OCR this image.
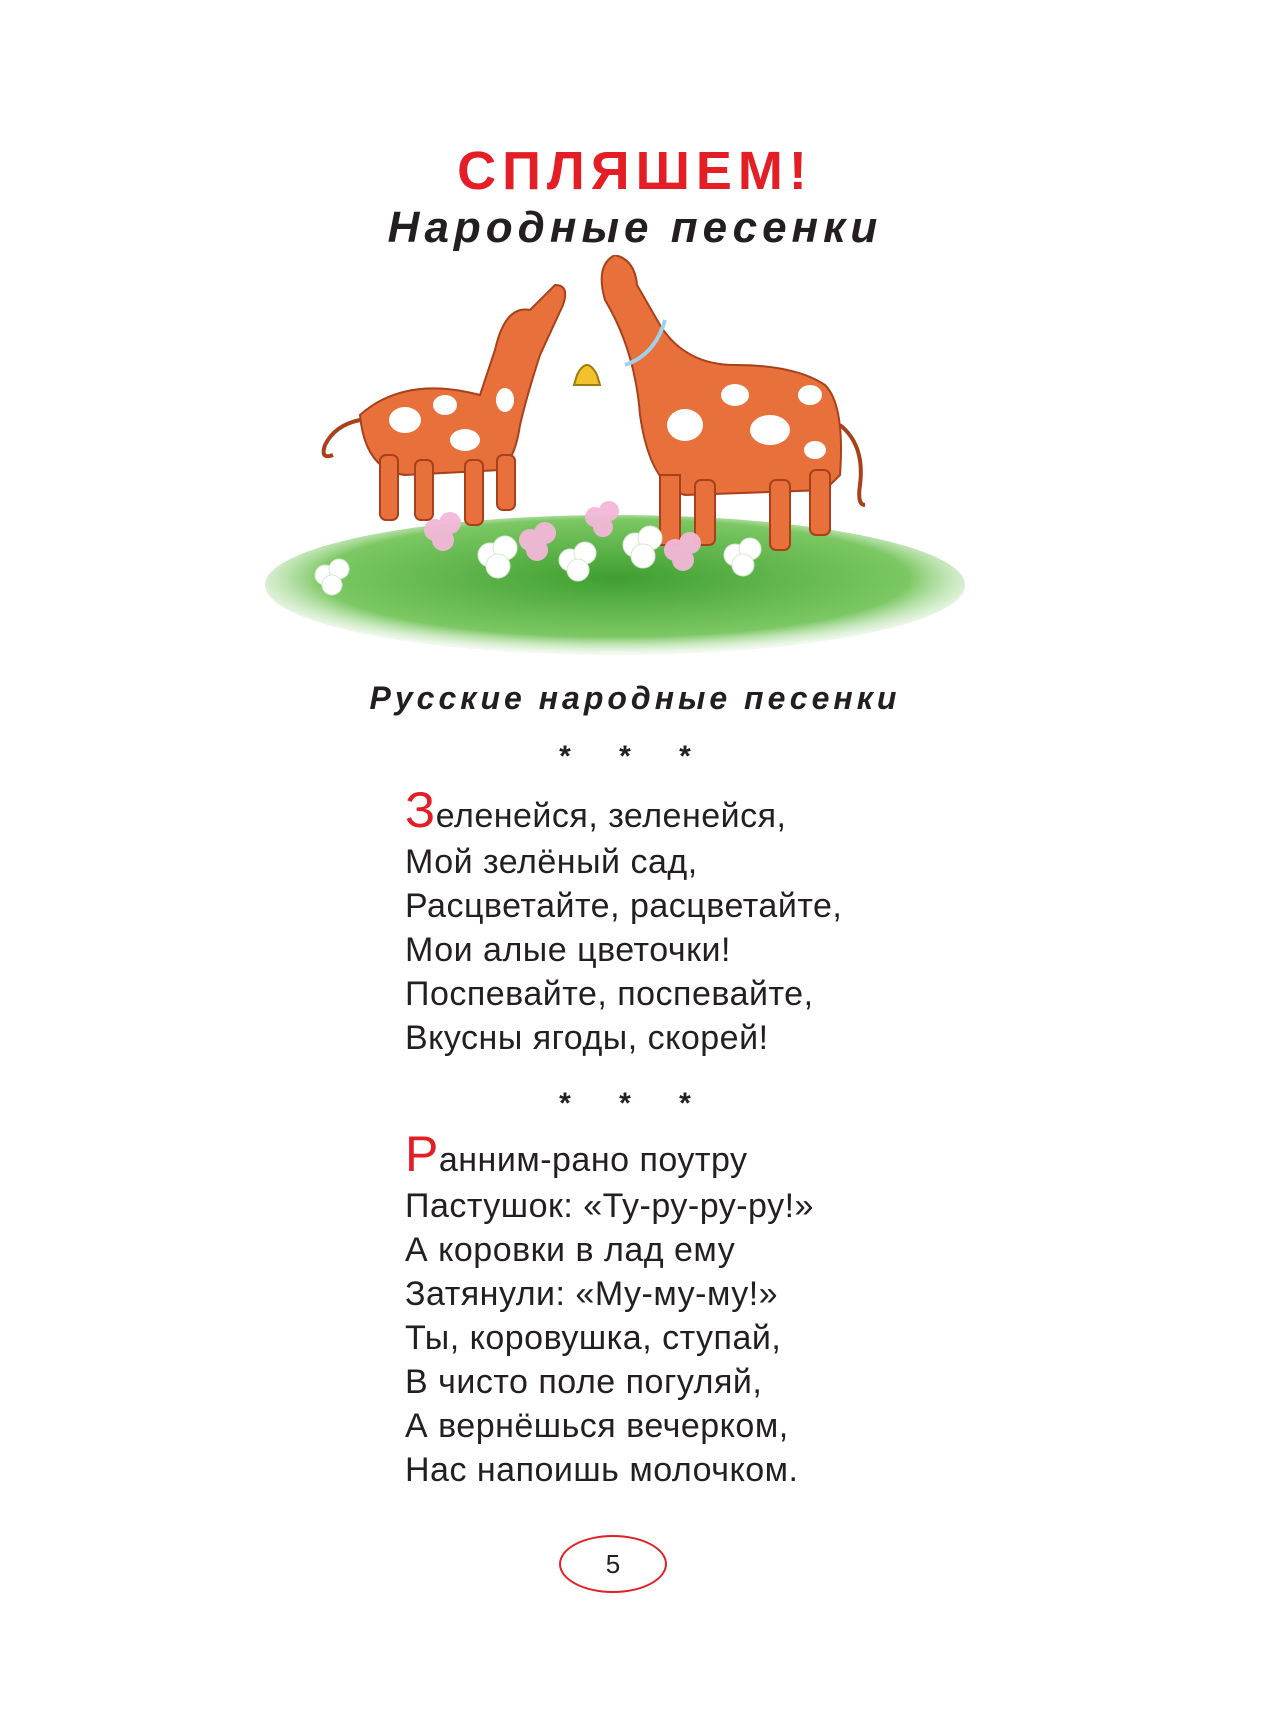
СПЛЯШЕМ!
Народные песенки
Русские народные песенки
* * *
Зеленейся, зеленейся,
Мой зелёный сад,
Расцветайте, расцветайте,
Мои алые цветочки!
Поспевайте, поспевайте,
Вкусны ягоды, скорей!
* * *
Ранним-рано поутру
Пастушок: «Ту-ру-ру-ру!»
А коровки в лад ему
Затянули: «Му-му-му!»
Ты, коровушка, ступай,
В чисто поле погуляй,
А вернёшься вечерком,
Нас напоишь молочком.
5
